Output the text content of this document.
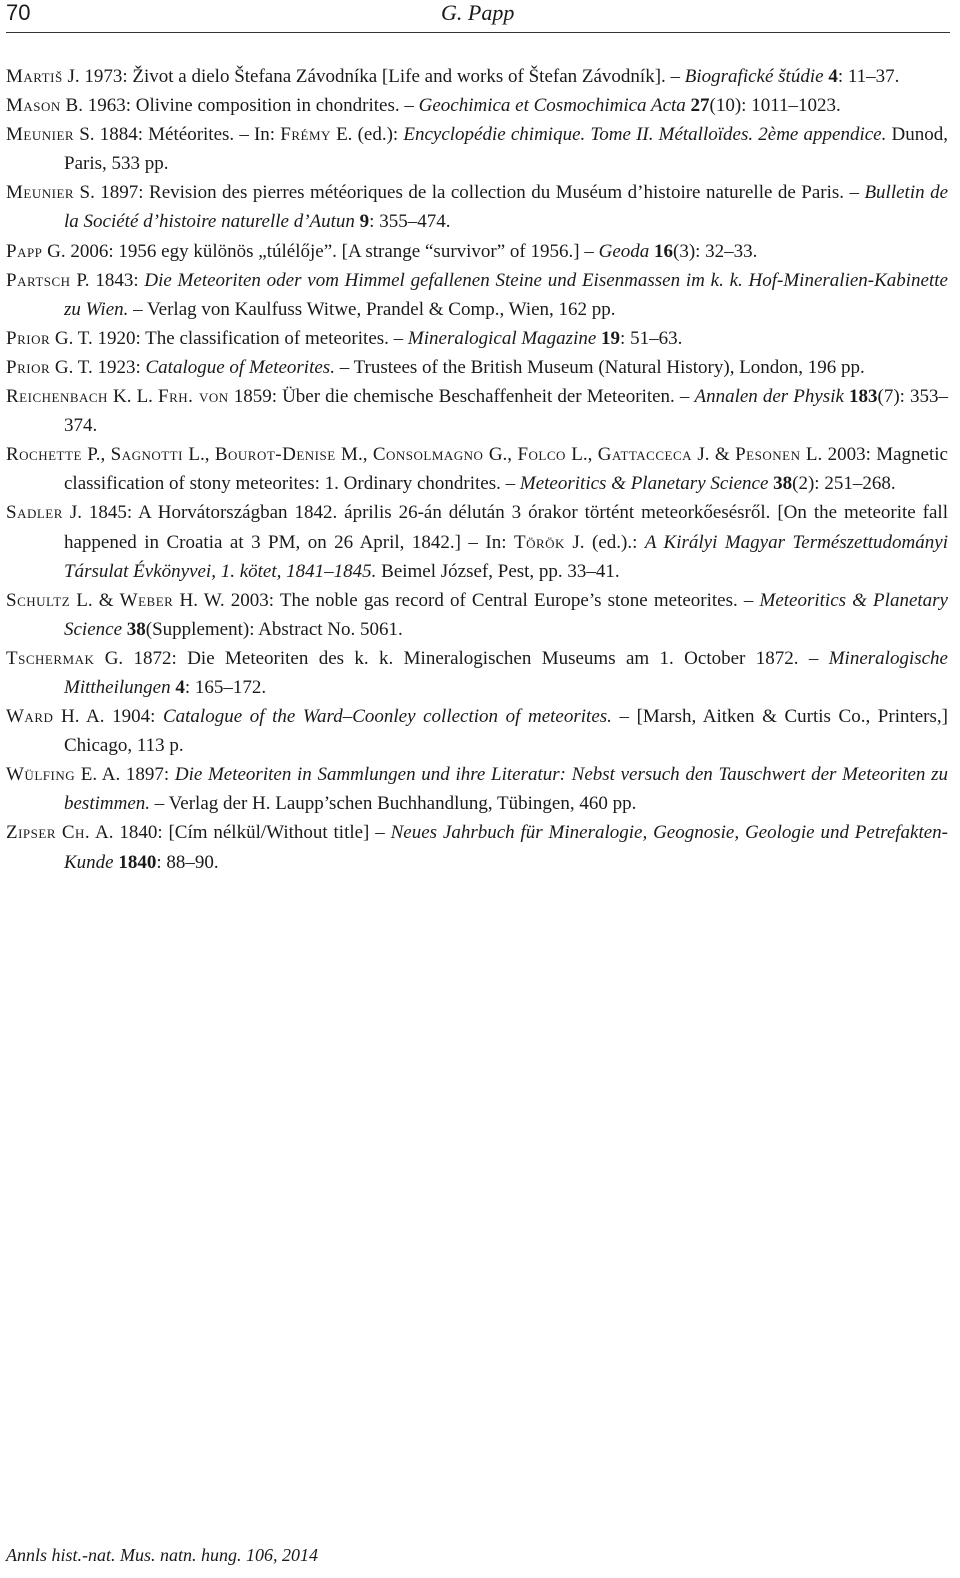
70	G. Papp

Martiš J. 1973: Život a dielo Štefana Závodníka [Life and works of Štefan Závodník]. – Biografické štúdie 4: 11–37.

Mason B. 1963: Olivine composition in chondrites. – Geochimica et Cosmochimica Acta 27(10): 1011–1023.

Meunier S. 1884: Météorites. – In: Frémy E. (ed.): Encyclopédie chimique. Tome II. Métalloïdes. 2ème appendice. Dunod, Paris, 533 pp.

Meunier S. 1897: Revision des pierres météoriques de la collection du Muséum d’histoire naturelle de Paris. – Bulletin de la Société d’histoire naturelle d’Autun 9: 355–474.

Papp G. 2006: 1956 egy különös „túlélője”. [A strange “survivor” of 1956.] – Geoda 16(3): 32–33.

Partsch P. 1843: Die Meteoriten oder vom Himmel gefallenen Steine und Eisenmassen im k. k. Hof-Mineralien-Kabinette zu Wien. – Verlag von Kaulfuss Witwe, Prandel & Comp., Wien, 162 pp.

Prior G. T. 1920: The classification of meteorites. – Mineralogical Magazine 19: 51–63.

Prior G. T. 1923: Catalogue of Meteorites. – Trustees of the British Museum (Natural History), London, 196 pp.

Reichenbach K. L. Frh. von 1859: Über die chemische Beschaffenheit der Meteoriten. – Annalen der Physik 183(7): 353–374.

Rochette P., Sagnotti L., Bourot-Denise M., Consolmagno G., Folco L., Gattacceca J. & Pesonen L. 2003: Magnetic classification of stony meteorites: 1. Ordinary chondrites. – Meteoritics & Planetary Science 38(2): 251–268.

Sadler J. 1845: A Horvátországban 1842. április 26-án délután 3 órakor történt meteorkőesésről. [On the meteorite fall happened in Croatia at 3 PM, on 26 April, 1842.] – In: Török J. (ed.).: A Királyi Magyar Természettudományi Társulat Évkönyvei, 1. kötet, 1841–1845. Beimel József, Pest, pp. 33–41.

Schultz L. & Weber H. W. 2003: The noble gas record of Central Europe’s stone meteorites. – Meteoritics & Planetary Science 38(Supplement): Abstract No. 5061.

Tschermak G. 1872: Die Meteoriten des k. k. Mineralogischen Museums am 1. October 1872. – Mineralogische Mittheilungen 4: 165–172.

Ward H. A. 1904: Catalogue of the Ward–Coonley collection of meteorites. – [Marsh, Aitken & Curtis Co., Printers,] Chicago, 113 p.

Wülfing E. A. 1897: Die Meteoriten in Sammlungen und ihre Literatur: Nebst versuch den Tauschwert der Meteoriten zu bestimmen. – Verlag der H. Laupp’schen Buchhandlung, Tübingen, 460 pp.

Zipser Ch. A. 1840: [Cím nélkül/Without title] – Neues Jahrbuch für Mineralogie, Geognosie, Geologie und Petrefakten-Kunde 1840: 88–90.

Annls hist.-nat. Mus. natn. hung. 106, 2014
